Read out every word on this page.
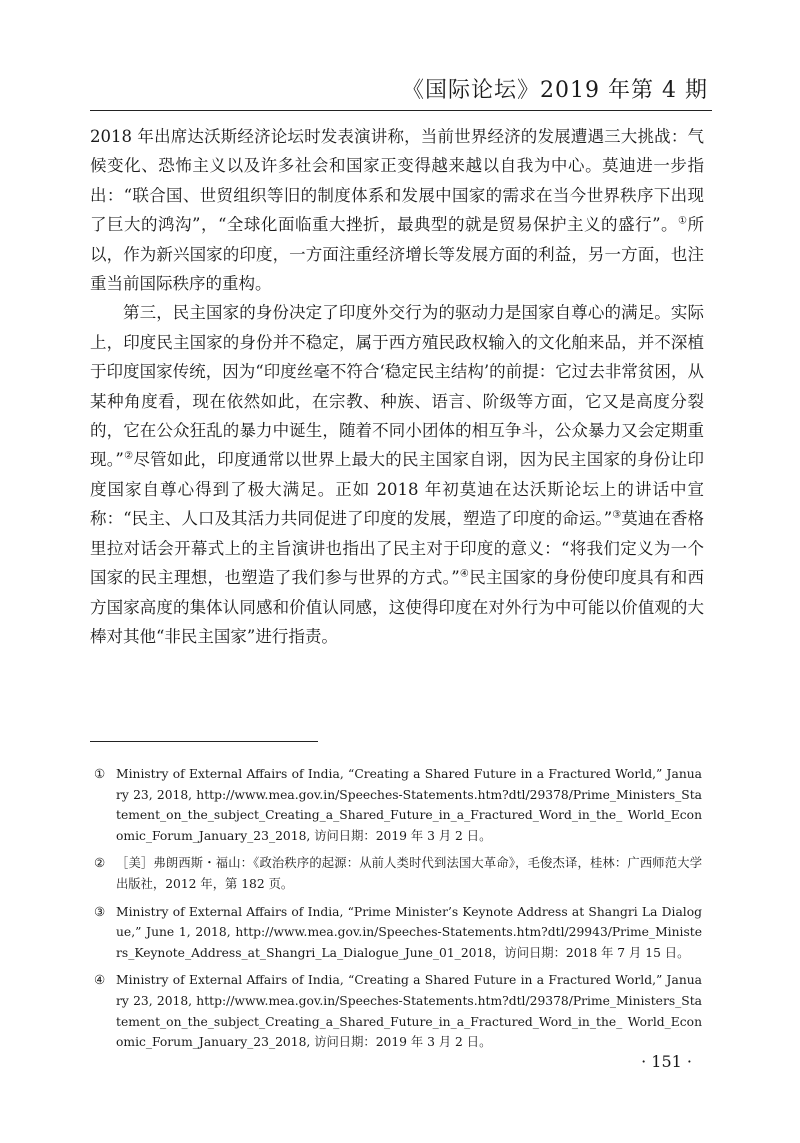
《国际论坛》2019 年第 4 期

2018 年出席达沃斯经济论坛时发表演讲称，当前世界经济的发展遭遇三大挑战：气候变化、恐怖主义以及许多社会和国家正变得越来越以自我为中心。莫迪进一步指出：“联合国、世贸组织等旧的制度体系和发展中国家的需求在当今世界秩序下出现了巨大的鸿沟”，“全球化面临重大挫折，最典型的就是贸易保护主义的盛行”。①所以，作为新兴国家的印度，一方面注重经济增长等发展方面的利益，另一方面，也注重当前国际秩序的重构。

第三，民主国家的身份决定了印度外交行为的驱动力是国家自尊心的满足。实际上，印度民主国家的身份并不稳定，属于西方殖民政权输入的文化舶来品，并不深植于印度国家传统，因为“印度丝毫不符合‘稳定民主结构’的前提：它过去非常贫困，从某种角度看，现在依然如此，在宗教、种族、语言、阶级等方面，它又是高度分裂的，它在公众狂乱的暴力中诞生，随着不同小团体的相互争斗，公众暴力又会定期重现。”②尽管如此，印度通常以世界上最大的民主国家自诩，因为民主国家的身份让印度国家自尊心得到了极大满足。正如 2018 年初莫迪在达沃斯论坛上的讲话中宣称：“民主、人口及其活力共同促进了印度的发展，塑造了印度的命运。”③莫迪在香格里拉对话会开幕式上的主旨演讲也指出了民主对于印度的意义：“将我们定义为一个国家的民主理想，也塑造了我们参与世界的方式。”④民主国家的身份使印度具有和西方国家高度的集体认同感和价值认同感，这使得印度在对外行为中可能以价值观的大棒对其他“非民主国家”进行指责。

① Ministry of External Affairs of India, “Creating a Shared Future in a Fractured World,” January 23, 2018, http://www.mea.gov.in/Speeches-Statements.htm?dtl/29378/Prime_Ministers_Statement_on_the_subject_Creating_a_Shared_Future_in_a_Fractured_Word_in_the_ World_Economic_Forum_January_23_2018, 访问日期：2019 年 3 月 2 日。
② ［美］弗朗西斯・福山：《政治秩序的起源：从前人类时代到法国大革命》，毛俊杰译，桂林：广西师范大学出版社，2012 年，第 182 页。
③ Ministry of External Affairs of India, “Prime Minister’s Keynote Address at Shangri La Dialogue,” June 1, 2018, http://www.mea.gov.in/Speeches-Statements.htm?dtl/29943/Prime_Ministers_Keynote_Address_at_Shangri_La_Dialogue_June_01_2018，访问日期：2018 年 7 月 15 日。
④ Ministry of External Affairs of India, “Creating a Shared Future in a Fractured World,” January 23, 2018, http://www.mea.gov.in/Speeches-Statements.htm?dtl/29378/Prime_Ministers_Statement_on_the_subject_Creating_a_Shared_Future_in_a_Fractured_Word_in_the_ World_Economic_Forum_January_23_2018, 访问日期：2019 年 3 月 2 日。
· 151 ·
